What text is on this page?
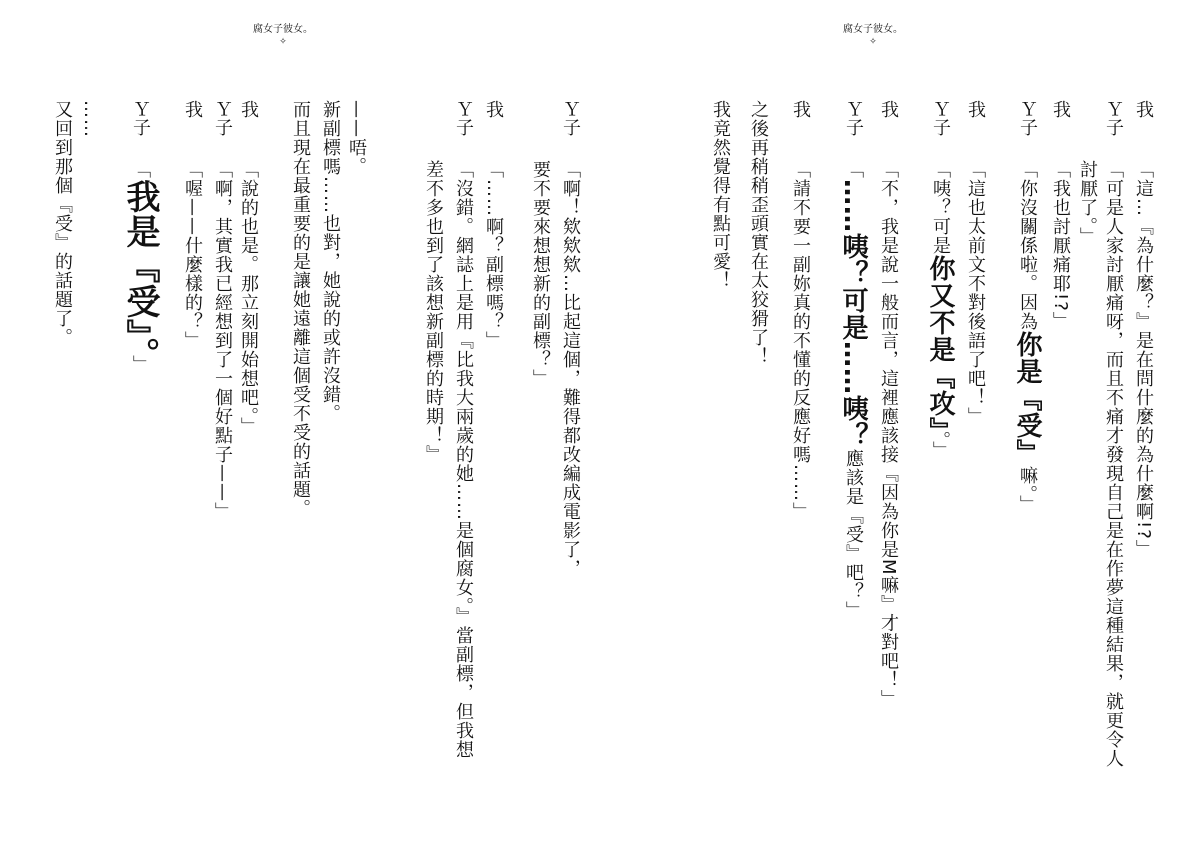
腐女子彼女。
✧
腐女子彼女。
✧
我
「這…『為什麼？』是在問什麼的為什麼啊!?」
Ｙ子
「可是人家討厭痛呀，而且不痛才發現自己是在作夢這種結果，就更令人
討厭了。」
我
「我也討厭痛耶!?」
Ｙ子
「你沒關係啦。因為你是『受』嘛。」
我
「這也太前文不對後語了吧！」
Ｙ子
「咦？可是你又不是『攻』。」
我
「不，我是說一般而言，這裡應該接『因為你是M嘛』才對吧！」
Ｙ子
「……咦？可是……咦？應該是『受』吧？」
我
「請不要一副妳真的不懂的反應好嗎……」
之後再稍稍歪頭實在太狡猾了！
我竟然覺得有點可愛！
Ｙ子
「啊！欸欸欸…比起這個，難得都改編成電影了，
要不要來想想新的副標？」
我
「……啊？副標嗎？」
Ｙ子
「沒錯。網誌上是用『比我大兩歲的她……是個腐女。』當副標，但我想
差不多也到了該想新副標的時期！』
——唔。
新副標嗎……也對，她說的或許沒錯。
而且現在最重要的是讓她遠離這個受不受的話題。
我
「說的也是。那立刻開始想吧。」
Ｙ子
「啊，其實我已經想到了一個好點子——」
我
「喔——什麼樣的？」
Ｙ子
「我是『受』。」
……
又回到那個『受』的話題了。
